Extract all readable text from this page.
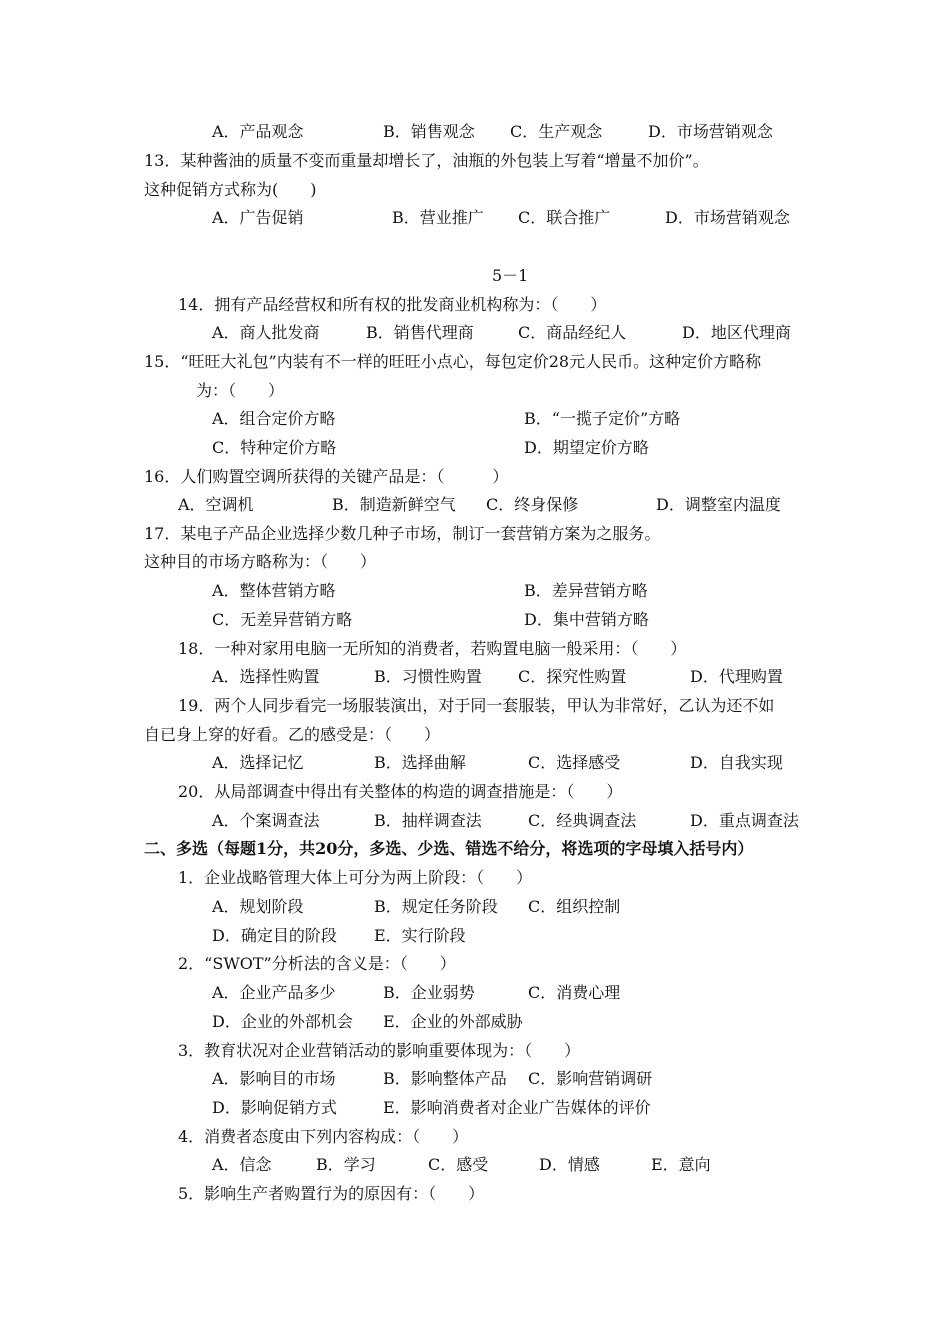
A．产品观念	B．销售观念 C．生产观念	D．市场营销观念
13．某种酱油的质量不变而重量却增长了，油瓶的外包装上写着“增量不加价”。
这种促销方式称为(　　)
A．广告促销	B．营业推广 C．联合推广	D．市场营销观念
5－1
14．拥有产品经营权和所有权的批发商业机构称为：（　　）
A．商人批发商	B．销售代理商	C．商品经纪人	D．地区代理商
15．“旺旺大礼包”内装有不一样的旺旺小点心，每包定价28元人民币。这种定价方略称
为：（　　）
A．组合定价方略	B．“一揽子定价”方略
C．特种定价方略	D．期望定价方略
16．人们购置空调所获得的关键产品是：（　　　）
A．空调机	B．制造新鲜空气 C．终身保修	D．调整室内温度
17．某电子产品企业选择少数几种子市场，制订一套营销方案为之服务。
这种目的市场方略称为：（　　）
A．整体营销方略	B．差异营销方略
C．无差异营销方略	D．集中营销方略
18．一种对家用电脑一无所知的消费者，若购置电脑一般采用：（　　）
A．选择性购置	B．习惯性购置 C．探究性购置	D．代理购置
19．两个人同步看完一场服装演出，对于同一套服装，甲认为非常好，乙认为还不如
自已身上穿的好看。乙的感受是：（　　）
A．选择记忆	B．选择曲解	C．选择感受	D．自我实现
20．从局部调查中得出有关整体的构造的调查措施是：（　　）
A．个案调查法	B．抽样调查法	C．经典调查法	D．重点调查法
二、多选（每题1分，共20分，多选、少选、错选不给分，将选项的字母填入括号内）
1．企业战略管理大体上可分为两上阶段：（　　）
A．规划阶段	B．规定任务阶段 C．组织控制
D．确定目的阶段 E．实行阶段
2．“SWOT”分析法的含义是：（　　）
A．企业产品多少	B．企业弱势	C．消费心理
D．企业的外部机会 E．企业的外部威胁
3．教育状况对企业营销活动的影响重要体现为：（　　）
A．影响目的市场	B．影响整体产品 C．影响营销调研
D．影响促销方式	E．影响消费者对企业广告媒体的评价
4．消费者态度由下列内容构成：（　　）
A．信念	B．学习	C．感受	D．情感	E．意向
5．影响生产者购置行为的原因有：（　　）
